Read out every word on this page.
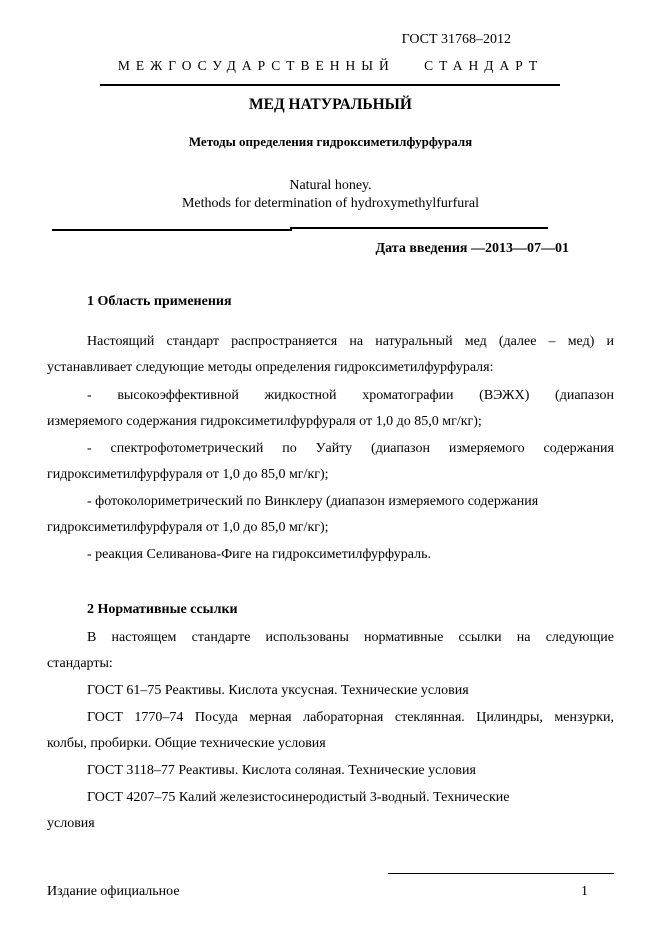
ГОСТ 31768–2012
МЕЖГОСУДАРСТВЕННЫЙ СТАНДАРТ
МЕД НАТУРАЛЬНЫЙ
Методы определения гидроксиметилфурфураля
Natural honey.
Methods for determination of hydroxymethylfurfural
Дата введения —2013—07—01
1 Область применения
Настоящий стандарт распространяется на натуральный мед (далее – мед) и
устанавливает следующие методы определения гидроксиметилфурфураля:
- высокоэффективной жидкостной хроматографии (ВЭЖХ) (диапазон
измеряемого содержания гидроксиметилфурфураля от 1,0 до 85,0 мг/кг);
- спектрофотометрический по Уайту (диапазон измеряемого содержания
гидроксиметилфурфураля от 1,0 до 85,0 мг/кг);
- фотоколориметрический по Винклеру (диапазон измеряемого содержания
гидроксиметилфурфураля от 1,0 до 85,0 мг/кг);
- реакция Селиванова-Фиге на гидроксиметилфурфураль.
2 Нормативные ссылки
В настоящем стандарте использованы нормативные ссылки на следующие
стандарты:
ГОСТ 61–75 Реактивы. Кислота уксусная. Технические условия
ГОСТ 1770–74 Посуда мерная лабораторная стеклянная. Цилиндры, мензурки,
колбы, пробирки. Общие технические условия
ГОСТ 3118–77 Реактивы. Кислота соляная. Технические условия
ГОСТ 4207–75 Калий железистосинеродистый 3-водный. Технические
условия
Издание официальное	1
